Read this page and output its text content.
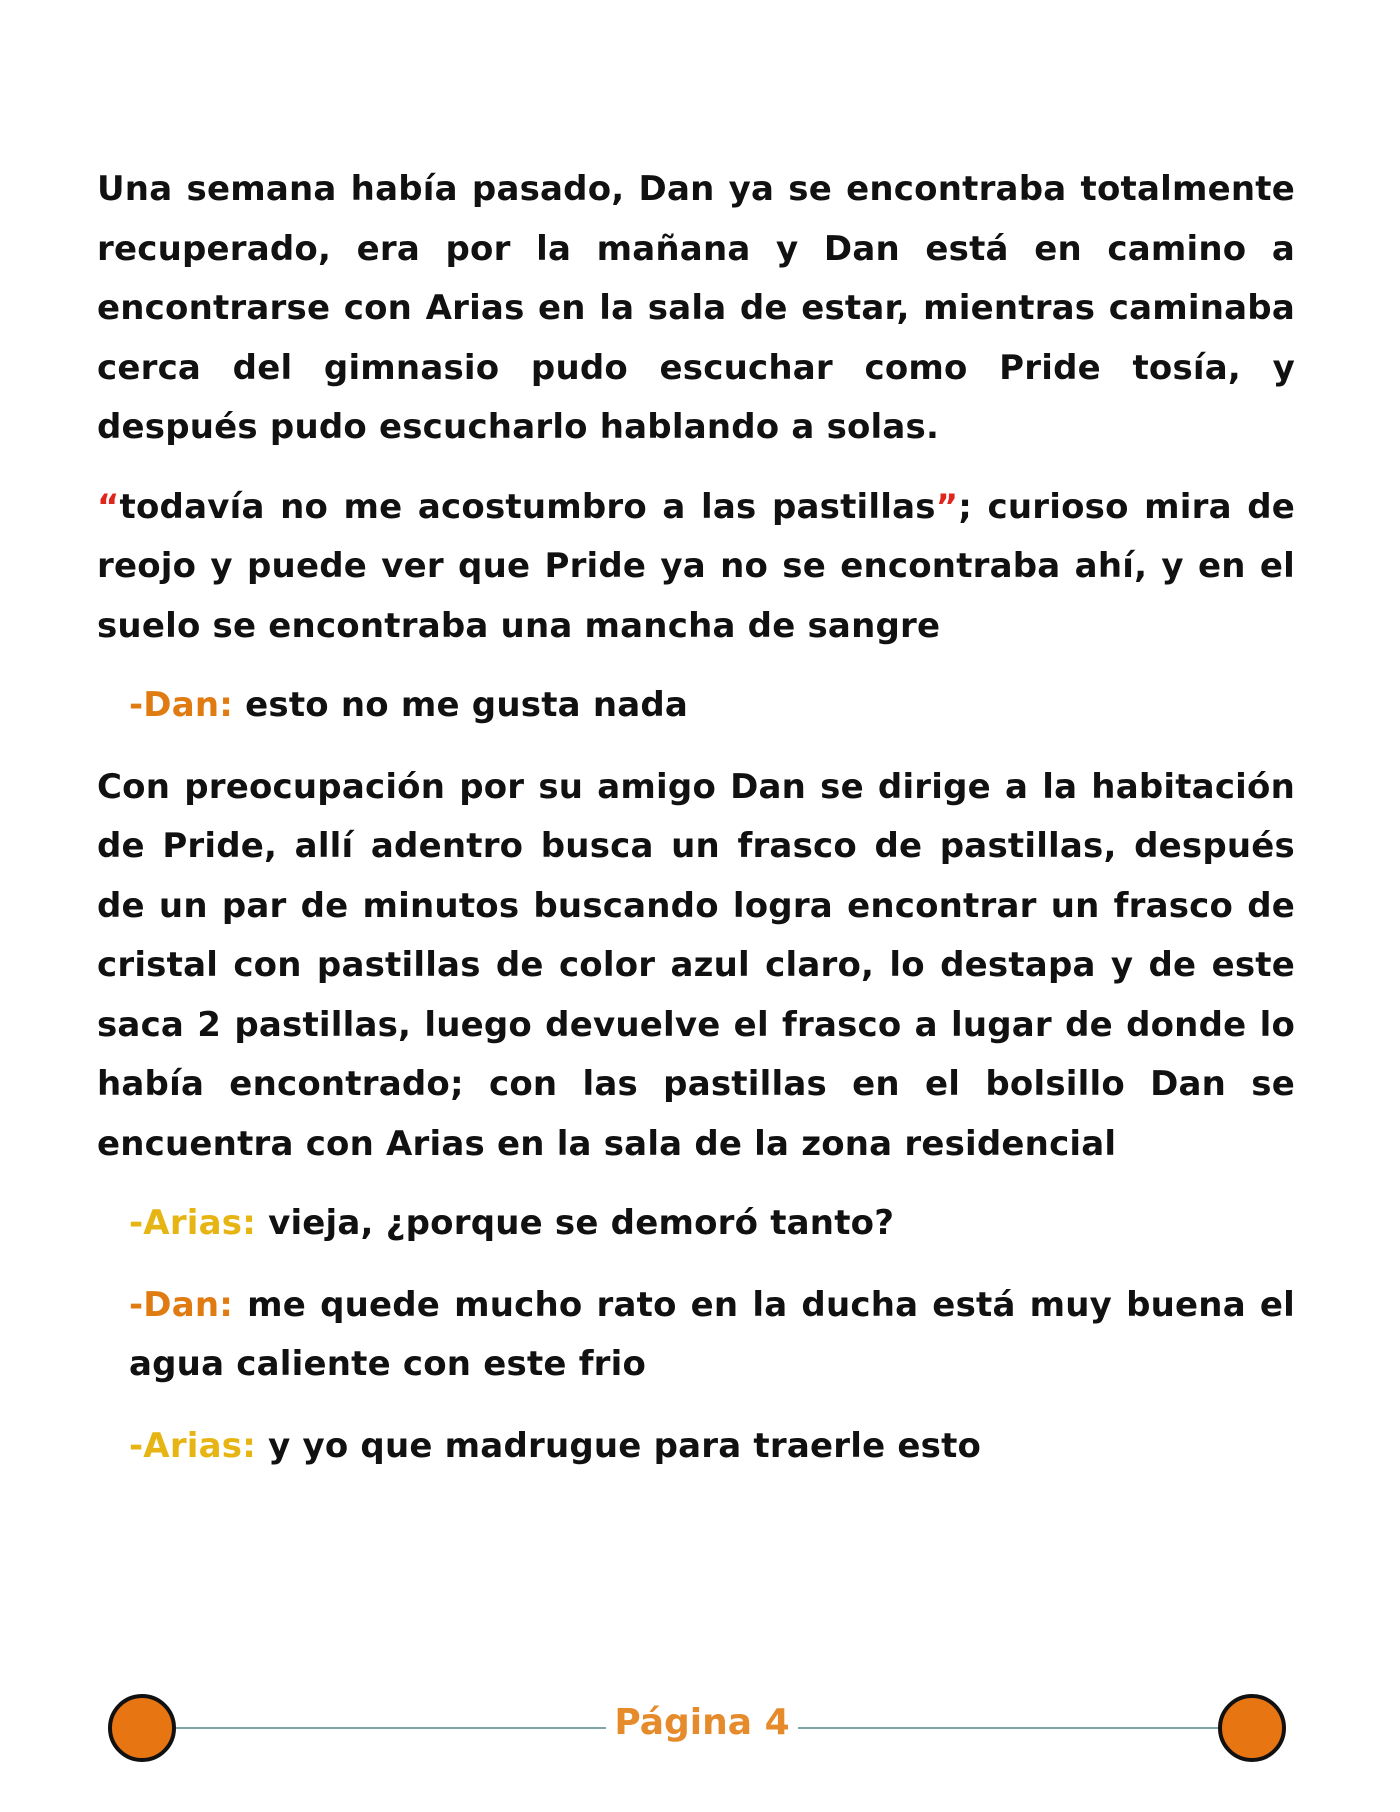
Una semana había pasado, Dan ya se encontraba totalmente recuperado, era por la mañana y Dan está en camino a encontrarse con Arias en la sala de estar, mientras caminaba cerca del gimnasio pudo escuchar como Pride tosía, y después pudo escucharlo hablando a solas.

“todavía no me acostumbro a las pastillas”; curioso mira de reojo y puede ver que Pride ya no se encontraba ahí, y en el suelo se encontraba una mancha de sangre

-Dan: esto no me gusta nada

Con preocupación por su amigo Dan se dirige a la habitación de Pride, allí adentro busca un frasco de pastillas, después de un par de minutos buscando logra encontrar un frasco de cristal con pastillas de color azul claro, lo destapa y de este saca 2 pastillas, luego devuelve el frasco a lugar de donde lo había encontrado; con las pastillas en el bolsillo Dan se encuentra con Arias en la sala de la zona residencial

-Arias: vieja, ¿porque se demoró tanto?

-Dan: me quede mucho rato en la ducha está muy buena el agua caliente con este frio

-Arias: y yo que madrugue para traerle esto

Página 4
